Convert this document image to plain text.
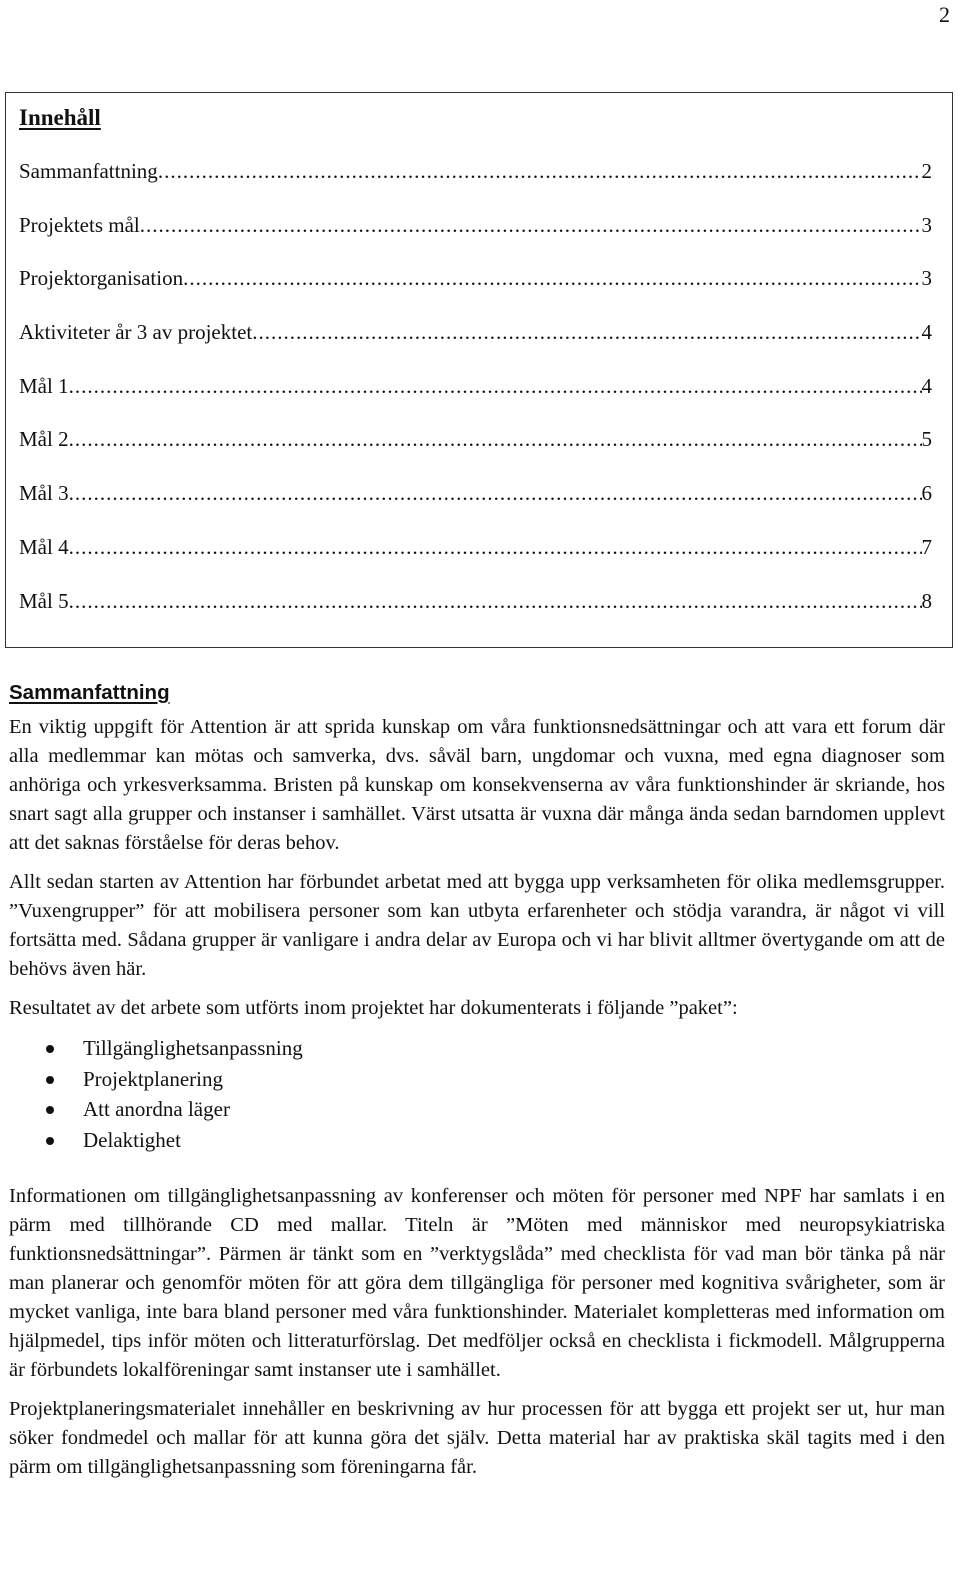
2
Innehåll
Sammanfattning .....	2
Projektets mål .....	3
Projektorganisation .....	3
Aktiviteter år 3 av projektet .....	4
Mål 1 .....	4
Mål 2 .....	5
Mål 3 .....	6
Mål 4 .....	7
Mål 5 .....	8
Sammanfattning

En viktig uppgift för Attention är att sprida kunskap om våra funktionsnedsättningar och att vara ett forum där alla medlemmar kan mötas och samverka, dvs. såväl barn, ungdomar och vuxna, med egna diagnoser som anhöriga och yrkesverksamma. Bristen på kunskap om konsekvenserna av våra funktionshinder är skriande, hos snart sagt alla grupper och instanser i samhället. Värst utsatta är vuxna där många ända sedan barndomen upplevt att det saknas förståelse för deras behov.

Allt sedan starten av Attention har förbundet arbetat med att bygga upp verksamheten för olika medlemsgrupper. ”Vuxengrupper” för att mobilisera personer som kan utbyta erfarenheter och stödja varandra, är något vi vill fortsätta med. Sådana grupper är vanligare i andra delar av Europa och vi har blivit alltmer övertygande om att de behövs även här.

Resultatet av det arbete som utförts inom projektet har dokumenterats i följande ”paket”:

Tillgänglighetsanpassning
Projektplanering
Att anordna läger
Delaktighet

Informationen om tillgänglighetsanpassning av konferenser och möten för personer med NPF har samlats i en pärm med tillhörande CD med mallar. Titeln är ”Möten med människor med neuropsykiatriska funktionsnedsättningar”. Pärmen är tänkt som en ”verktygslåda” med checklista för vad man bör tänka på när man planerar och genomför möten för att göra dem tillgängliga för personer med kognitiva svårigheter, som är mycket vanliga, inte bara bland personer med våra funktionshinder. Materialet kompletteras med information om hjälpmedel, tips inför möten och litteraturförslag. Det medföljer också en checklista i fickmodell. Målgrupperna är förbundets lokalföreningar samt instanser ute i samhället.

Projektplaneringsmaterialet innehåller en beskrivning av hur processen för att bygga ett projekt ser ut, hur man söker fondmedel och mallar för att kunna göra det själv. Detta material har av praktiska skäl tagits med i den pärm om tillgänglighetsanpassning som föreningarna får.
